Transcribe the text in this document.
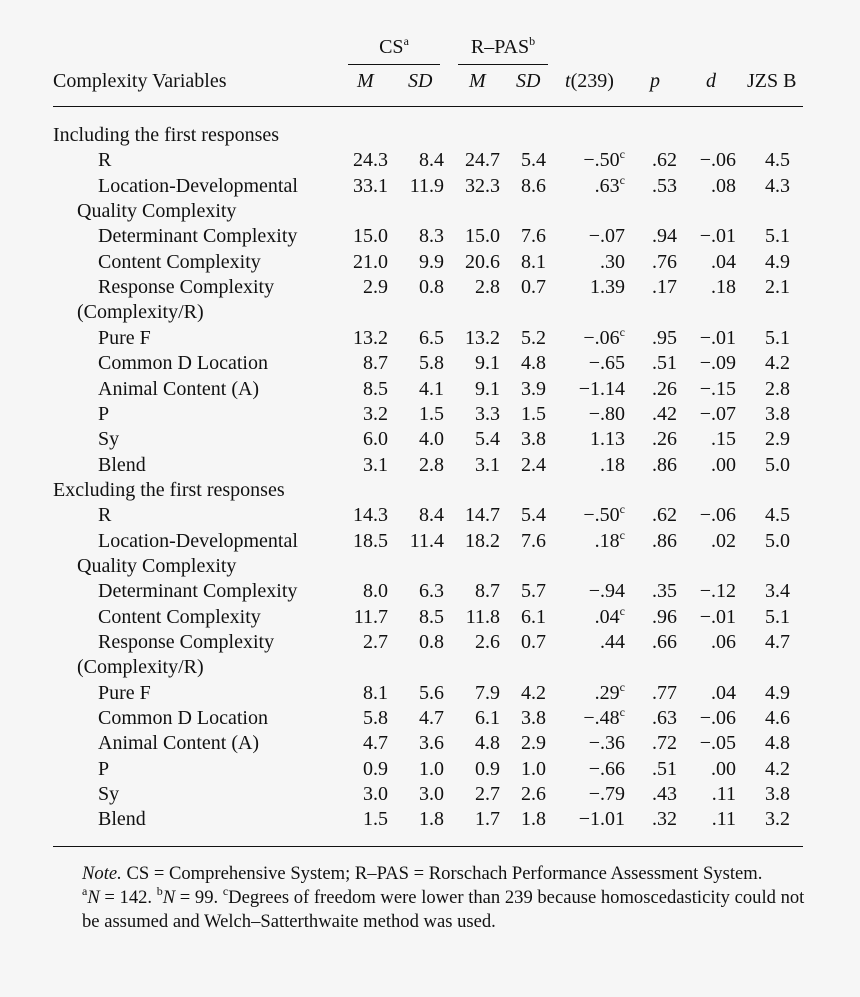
$CS^a$	R–PAS$^b$
Complexity Variables	M SD M SD t(239) p d JZS B
Including the first responses
R	24.3 8.4 24.7 5.4 −.50$^c$ .62 −.06 4.5
Location-Developmental	33.1 11.9 32.3 8.6 .63$^c$ .53 .08 4.3
Quality Complexity
Determinant Complexity	15.0 8.3 15.0 7.6 −.07 .94 −.01 5.1
Content Complexity	21.0 9.9 20.6 8.1	.30 .76 .04 4.9
Response Complexity	2.9 0.8 2.8 0.7 1.39 .17 .18 2.1
(Complexity/R)
Pure F	13.2 6.5 13.2 5.2 −.06$^c$ .95 −.01 5.1
Common D Location	8.7 5.8 9.1 4.8 −.65 .51 −.09 4.2
Animal Content (A)	8.5 4.1 9.1 3.9 −1.14 .26 −.15 2.8
P	3.2 1.5 3.3 1.5 −.80 .42 −.07 3.8
Sy	6.0 4.0 5.4 3.8 1.13 .26 .15 2.9
Blend	3.1 2.8 3.1 2.4	.18 .86 .00 5.0
Excluding the first responses
R	14.3 8.4 14.7 5.4 −.50$^c$ .62 −.06 4.5
Location-Developmental	18.5 11.4 18.2 7.6 .18$^c$ .86 .02 5.0
Quality Complexity
Determinant Complexity	8.0 6.3 8.7 5.7 −.94 .35 −.12 3.4
Content Complexity	11.7 8.5 11.8 6.1 .04$^c$ .96 −.01 5.1
Response Complexity	2.7 0.8 2.6 0.7	.44 .66 .06 4.7
(Complexity/R)
Pure F	8.1 5.6 7.9 4.2 .29$^c$ .77 .04 4.9
Common D Location	5.8 4.7 6.1 3.8 −.48$^c$ .63 −.06 4.6
Animal Content (A)	4.7 3.6 4.8 2.9 −.36 .72 −.05 4.8
P	0.9 1.0 0.9 1.0 −.66 .51 .00 4.2
Sy	3.0 3.0 2.7 2.6 −.79 .43 .11 3.8
Blend	1.5 1.8 1.7 1.8 −1.01 .32 .11 3.2

Note. CS = Comprehensive System; R–PAS = Rorschach Performance Assessment System.

$^a$N = 142. $^b$N = 99. $^c$Degrees of freedom were lower than 239 because homoscedasticity could not be assumed and Welch–Satterthwaite method was used.
